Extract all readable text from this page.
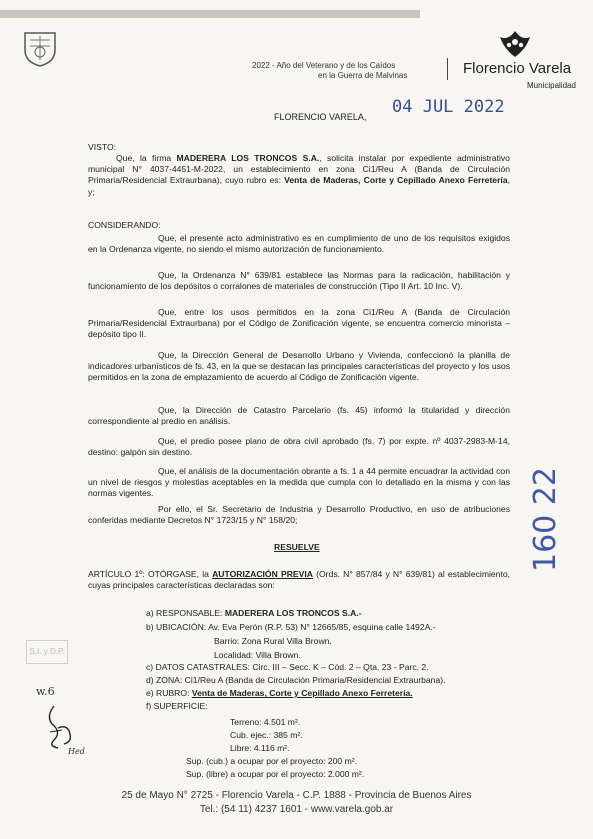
2022 - Año del Veterano y de los Caídos
en la Guerra de Malvinas	Florencio Varela
Municipalidad
FLORENCIO VARELA, 04 JUL 2022
VISTO:
Que, la firma MADERERA LOS TRONCOS S.A., solicita instalar por expediente administrativo municipal N° 4037-4451-M-2022, un establecimiento en zona Ci1/Reu A (Banda de Circulación Primaria/Residencial Extraurbana), cuyo rubro es: Venta de Maderas, Corte y Cepillado Anexo Ferretería, y;
CONSIDERANDO:
Que, el presente acto administrativo es en cumplimiento de uno de los requisitos exigidos en la Ordenanza vigente, no siendo el mismo autorización de funcionamiento.
Que, la Ordenanza N° 639/81 establece las Normas para la radicación, habilitación y funcionamiento de los depósitos o corralones de materiales de construcción (Tipo II Art. 10 Inc. V).
Que, entre los usos permitidos en la zona Ci1/Reu A (Banda de Circulación Primaria/Residencial Extraurbana) por el Código de Zonificación vigente, se encuentra comercio minorista – depósito tipo II.
Que, la Dirección General de Desarrollo Urbano y Vivienda, confeccionó la planilla de indicadores urbanísticos de fs. 43, en la que se destacan las principales características del proyecto y los usos permitidos en la zona de emplazamiento de acuerdo al Código de Zonificación vigente.
Que, la Dirección de Catastro Parcelario (fs. 45) informó la titularidad y dirección correspondiente al predio en análisis.
Que, el predio posee plano de obra civil aprobado (fs. 7) por expte. nº 4037-2983-M-14, destino: galpón sin destino.
Que, el análisis de la documentación obrante a fs. 1 a 44 permite encuadrar la actividad con un nivel de riesgos y molestias aceptables en la medida que cumpla con lo detallado en la misma y con las normas vigentes.
Por ello, el Sr. Secretario de Industria y Desarrollo Productivo, en uso de atribuciones conferidas mediante Decretos N° 1723/15 y N° 158/20;
RESUELVE
ARTÍCULO 1º: OTÓRGASE, la AUTORIZACIÓN PREVIA (Ords. N° 857/84 y N° 639/81) al establecimiento, cuyas principales características declaradas son:
a) RESPONSABLE: MADERERA LOS TRONCOS S.A.-
b) UBICACIÓN: Av. Eva Perón (R.P. 53) N° 12665/85, esquina calle 1492A.-
Barrio: Zona Rural Villa Brown.
Localidad: Villa Brown.
c) DATOS CATASTRALES: Circ. III – Secc. K – Cód. 2 – Qta. 23 - Parc. 2.
d) ZONA: Ci1/Reu A (Banda de Circulación Primaria/Residencial Extraurbana).
e) RUBRO: Venta de Maderas, Corte y Cepillado Anexo Ferretería.
f) SUPERFICIE:
Terreno: 4.501 m².
Cub. ejec.: 385 m².
Libre: 4.116 m².
Sup. (cub.) a ocupar por el proyecto: 200 m².
Sup. (libre) a ocupar por el proyecto: 2.000 m².
S.I. y D.P.
w.6
Hed
160 22
25 de Mayo N° 2725 - Florencio Varela - C.P. 1888 - Provincia de Buenos Aires
Tel.: (54 11) 4237 1601 - www.varela.gob.ar
